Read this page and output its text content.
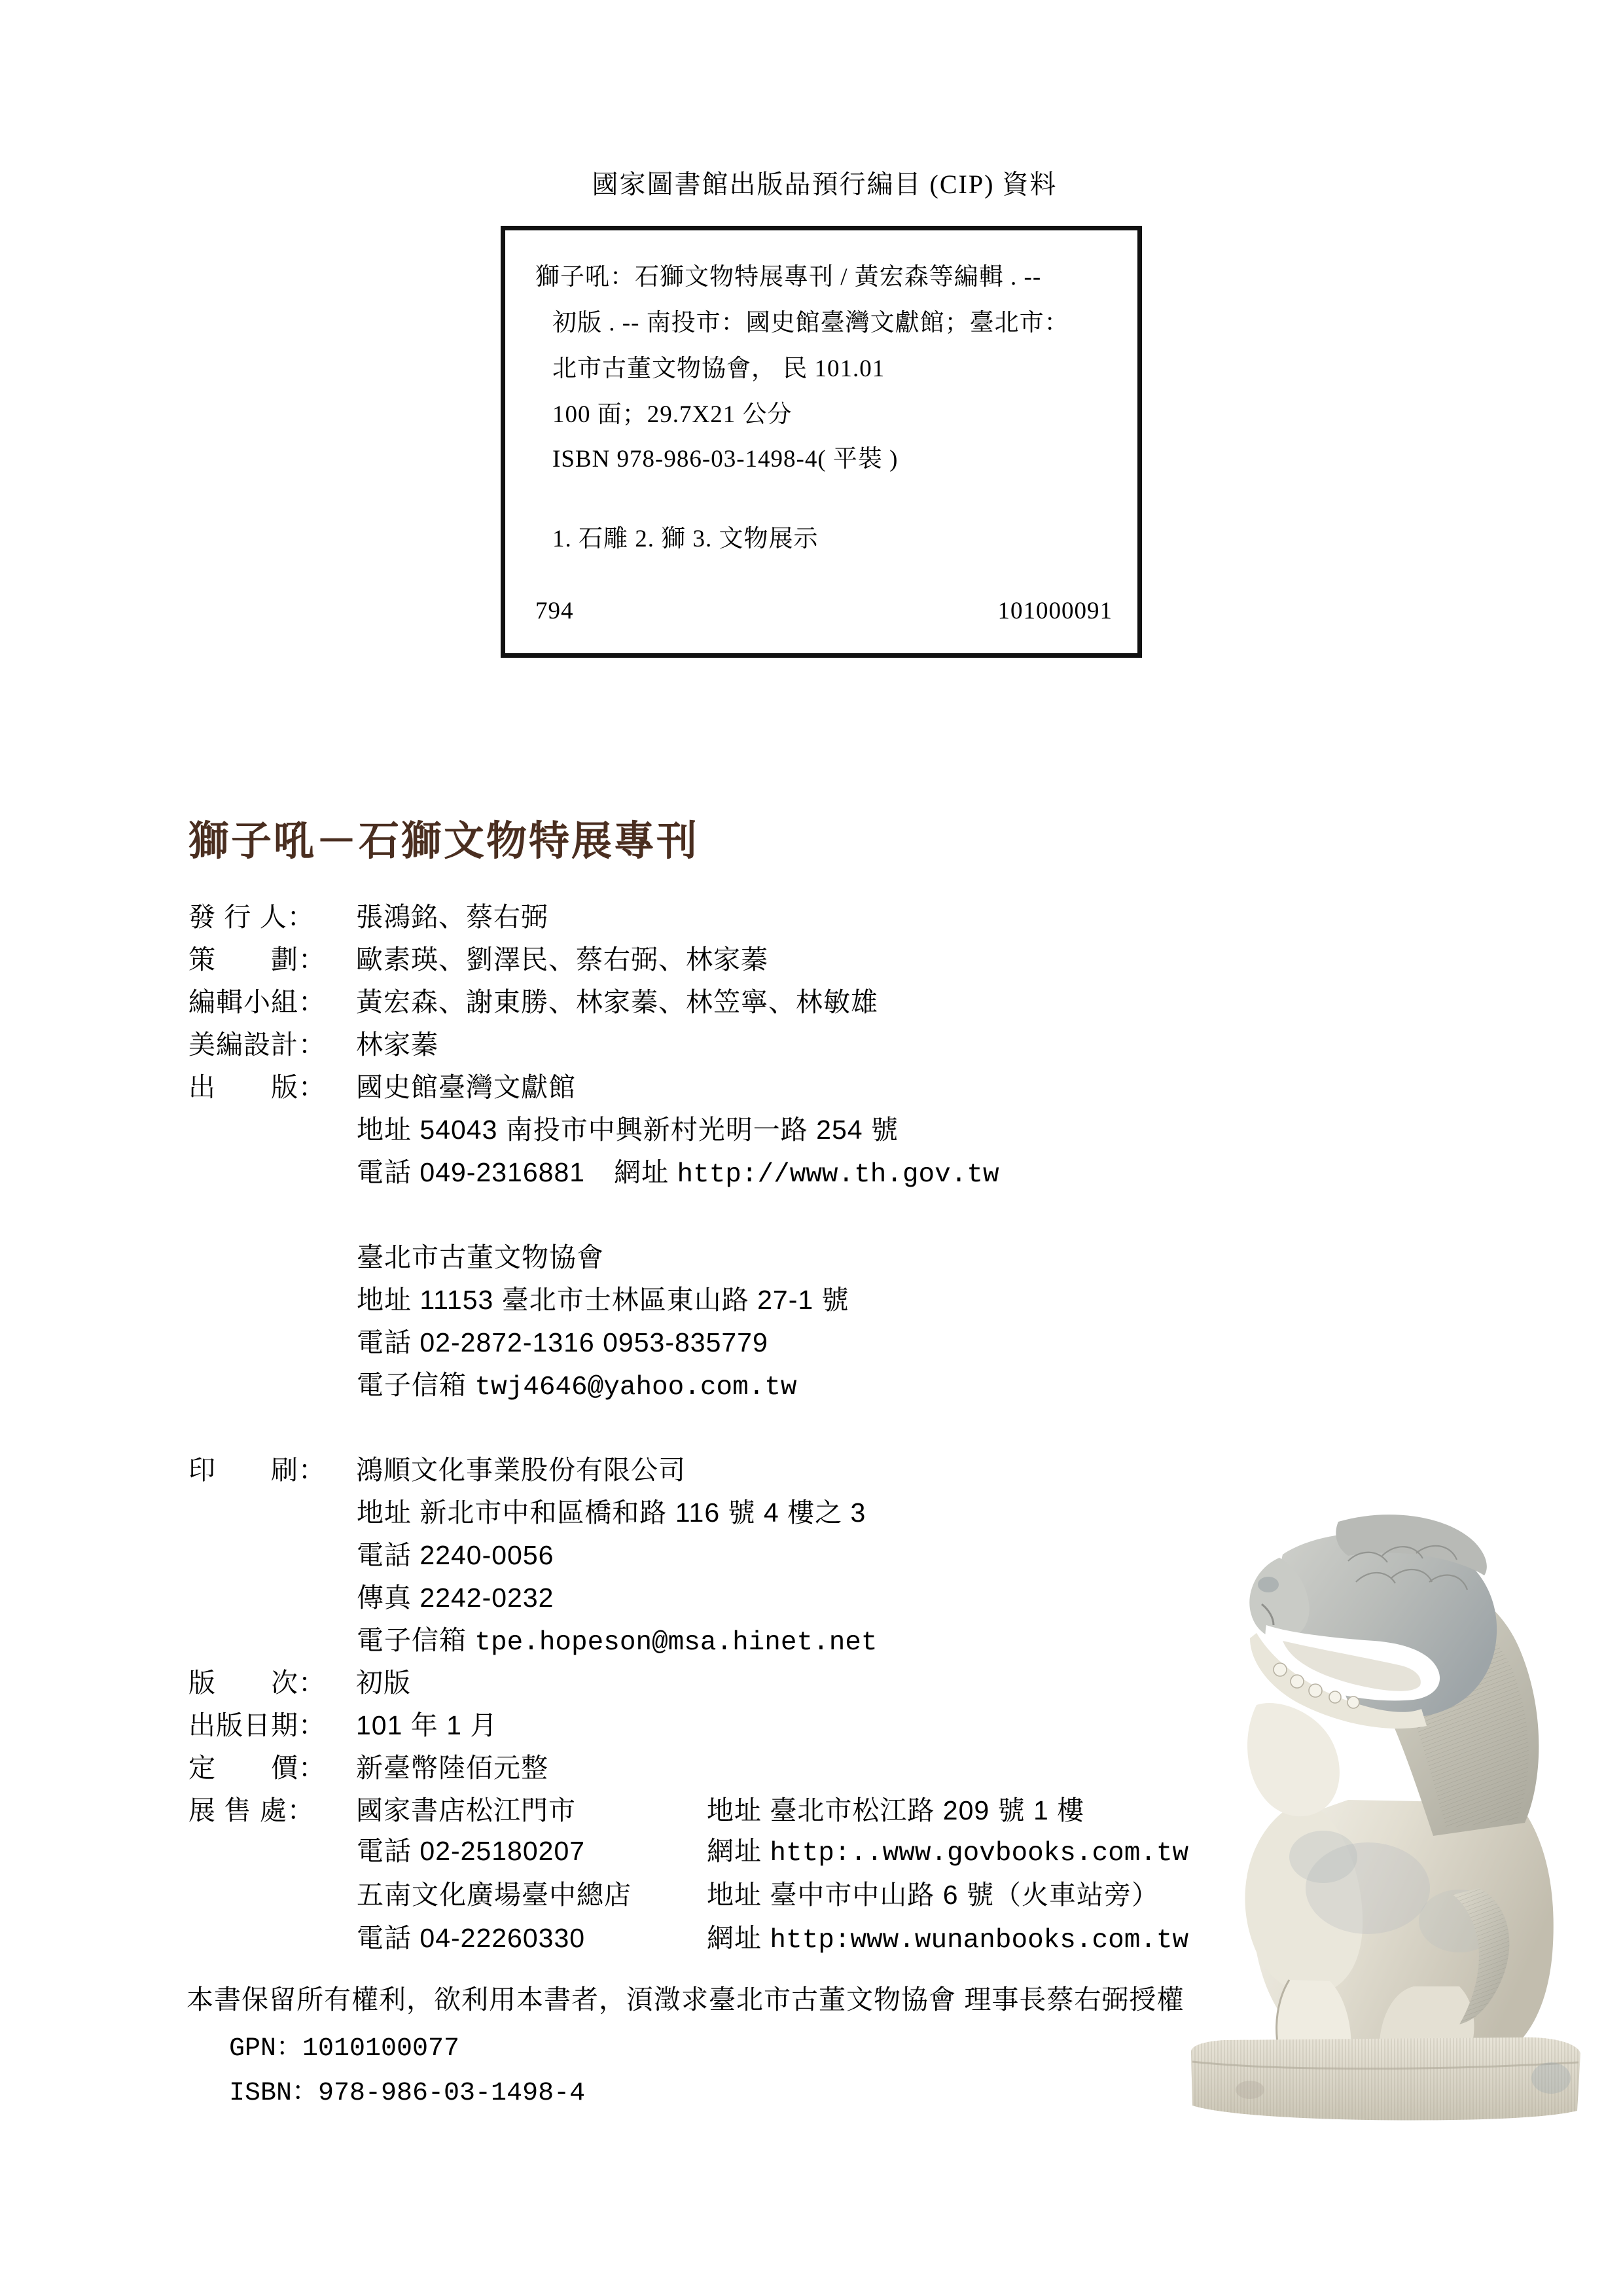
國家圖書館出版品預行編目 (CIP) 資料
獅子吼：石獅文物特展專刊 / 黃宏森等編輯 . --
初版 . -- 南投市：國史館臺灣文獻館；臺北市：
北市古董文物協會， 民 101.01
100 面；29.7X21 公分
ISBN 978-986-03-1498-4( 平裝 )
1. 石雕 2. 獅 3. 文物展示
794	101000091
獅子吼－石獅文物特展專刊
發 行 人： 張鴻銘、蔡右弼
策　　劃： 歐素瑛、劉澤民、蔡右弼、林家蓁
編輯小組： 黃宏森、謝東勝、林家蓁、林笠寧、林敏雄
美編設計： 林家蓁
出　　版： 國史館臺灣文獻館
地址 54043 南投市中興新村光明一路 254 號
電話 049-2316881 網址 http://www.th.gov.tw
臺北市古董文物協會
地址 11153 臺北市士林區東山路 27-1 號
電話 02-2872-1316 0953-835779
電子信箱 twj4646@yahoo.com.tw
印　　刷： 鴻順文化事業股份有限公司
地址 新北市中和區橋和路 116 號 4 樓之 3
電話 2240-0056
傳真 2242-0232
電子信箱 tpe.hopeson@msa.hinet.net
版　　次： 初版
出版日期： 101 年 1 月
定　　價： 新臺幣陸佰元整
展 售 處： 國家書店松江門市	地址 臺北市松江路 209 號 1 樓
電話 02-25180207	網址 http:..www.govbooks.com.tw
五南文化廣場臺中總店	地址 臺中市中山路 6 號（火車站旁）
電話 04-22260330	網址 http:www.wunanbooks.com.tw
本書保留所有權利，欲利用本書者，湏澂求臺北市古董文物協會 理事長蔡右弼授權
GPN：1010100077
ISBN：978-986-03-1498-4
